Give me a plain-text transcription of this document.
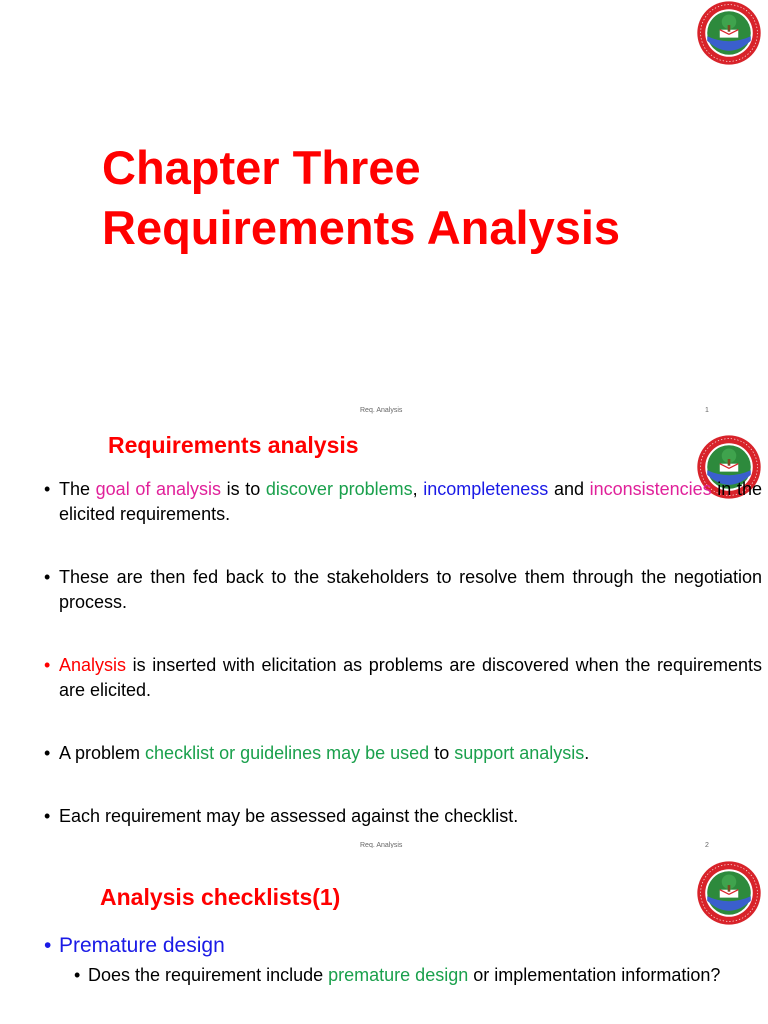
Chapter Three
Requirements Analysis
Req. Analysis	1
Requirements analysis
• The goal of analysis is to discover problems, incompleteness and inconsistencies in the elicited requirements.
• These are then fed back to the stakeholders to resolve them through the negotiation process.
• Analysis is inserted with elicitation as problems are discovered when the requirements are elicited.
• A problem checklist or guidelines may be used to support analysis.
• Each requirement may be assessed against the checklist.
Req. Analysis	2
Analysis checklists(1)
• Premature design
• Does the requirement include premature design or implementation information?
